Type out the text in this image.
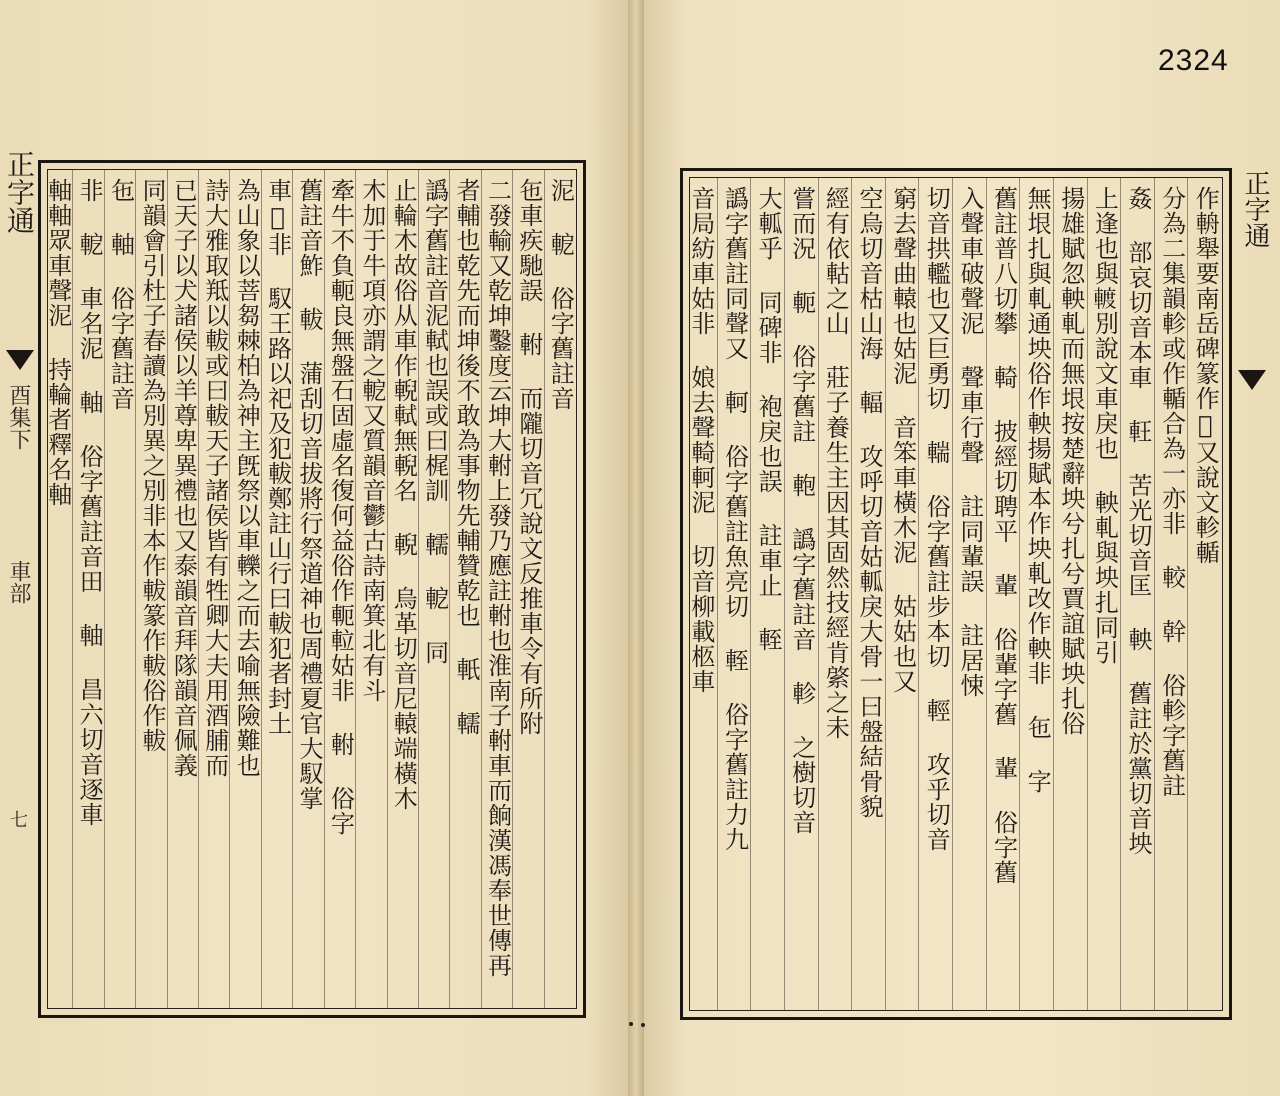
2324
正字通
酉集下
車部
七
正字通
泥 軶 俗字舊註音
㐌車疾馳誤 軵 而隴切音冗說文反推車令有所附
二發輸又乾坤鑿度云坤大軵上發乃應註軵也淮南子軵車而餉漢馮奉世傳再
者輔也乾先而坤後不敢為事物先輔贊乾也 軝 轜
譌字舊註音泥軾也誤或曰梶訓 轜 軶 同
止輪木故俗从車作輗軾無輗名 輗 烏革切音尼轅端橫木
木加于牛項亦謂之軶又質韻音鬱古詩南箕北有斗
牽牛不負軛良無盤石固虛名復何益俗作軛𨋢姑非 軵 俗字
舊註音鮓 軷 蒲刮切音拔將行祭道神也周禮夏官大馭掌
車𩎟非 馭王路以祀及犯軷鄭註山行曰軷犯者封土
為山象以菩芻棘柏為神主旣祭以車轢之而去喻無險難也
詩大雅取羝以軷或曰軷天子諸侯皆有牲卿大夫用酒脯而
已天子以犬諸侯以羊尊卑異禮也又泰韻音拜隊韻音佩義
同韻會引杜子春讀為別異之別非本作軷篆作軷俗作軷
㐌 軸 俗字舊註音
非 軶 車名泥 軸 俗字舊註音田 軸 昌六切音逐車
軸軸眾車聲泥 持輪者釋名軸	作輈舉要南岳碑篆作𨌏又說文軫輴
分為二集韻軫或作輴合為一亦非 較 幹 俗軫字舊註
姦 部哀切音本車 軖 苦光切音匡 軮 舊註於黨切音坱
上逢也與𨍏別說文車戾也 軮軋與坱扎同引
揚雄賦忽軮軋而無垠按楚辭坱兮扎兮賈誼賦坱扎俗
無垠扎與軋通坱俗作軮揚賦本作坱軋改作軮非 㐌 字
舊註普八切攀 輢 披經切聘平 輩 俗輩字舊 輩 俗字舊
入聲車破聲泥 聲車行聲 註同輩誤 註居悚
切音拱轞也又巨勇切 輲 俗字舊註步本切 輕 攻乎切音
窮去聲曲轅也姑泥 音笨車橫木泥 姑姑也又
空烏切音枯山海 輻 攻呼切音姑軱戾大骨一曰盤結骨貌
經有依軲之山 莊子養生主因其固然技經肯綮之未
嘗而況 軛 俗字舊註 軳 譌字舊註音 軫 之樹切音
大軱乎 同碑非 袍戾也誤 註車止 輊
譌字舊註同聲又 軻 俗字舊註魚亮切 輊 俗字舊註力九
音局紡車姑非 娘去聲輢軻泥 切音柳載柩車
